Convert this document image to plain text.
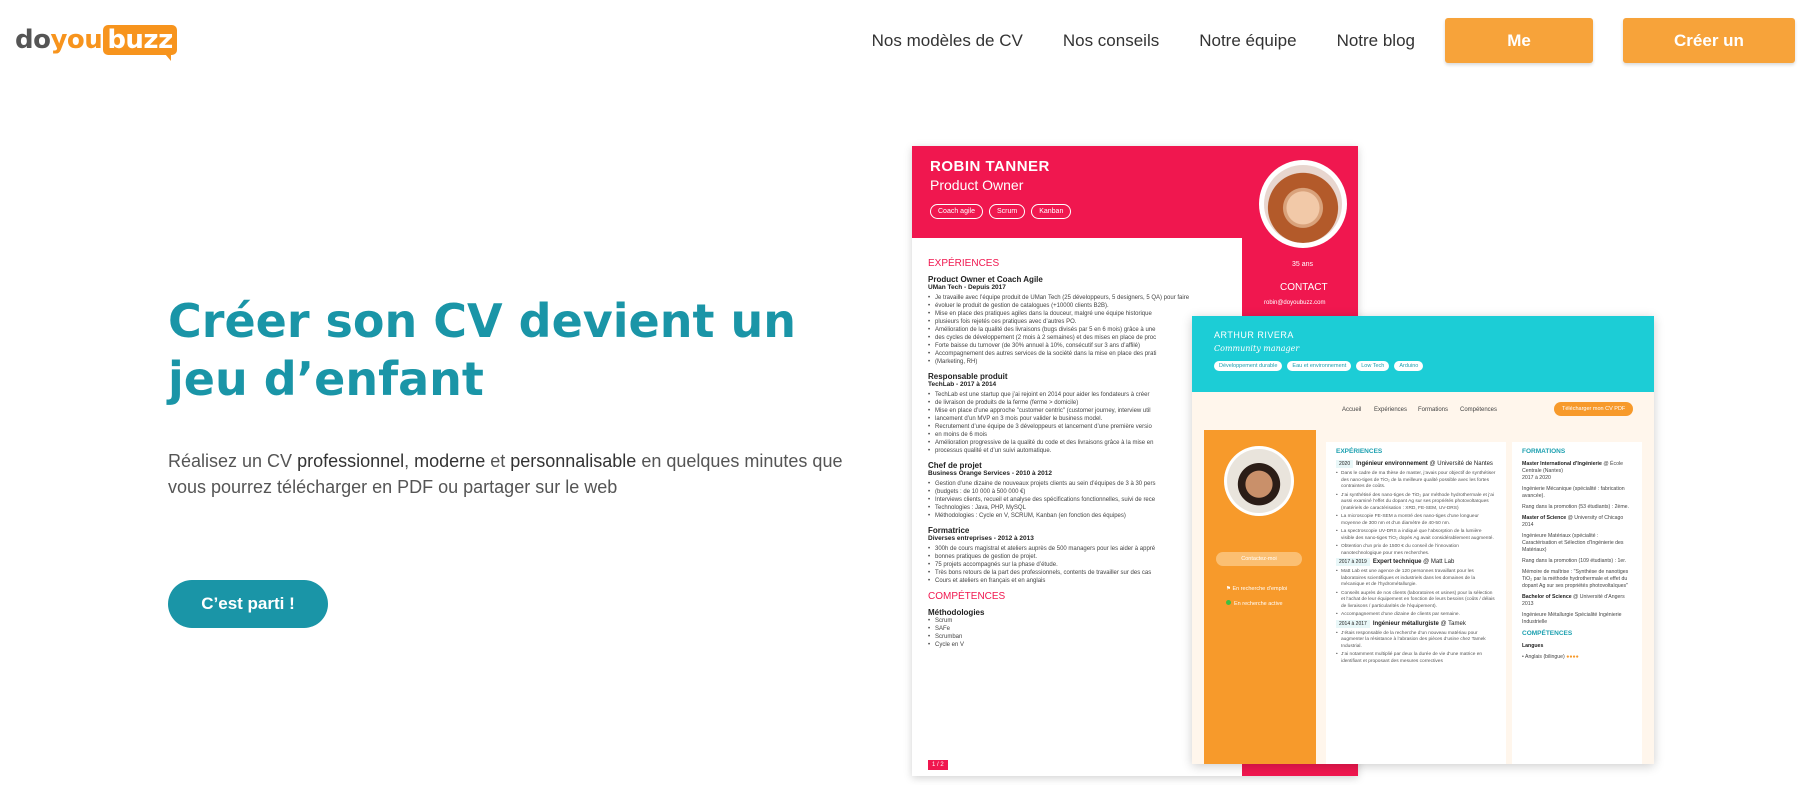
do you buzz	Nos modèles de CV Nos conseils Notre équipe Notre blog	Me connecter
Créer un compte
Créer son CV devient un jeu d’enfant

Réalisez un CV professionnel, moderne et personnalisable en quelques minutes que vous pourrez télécharger en PDF ou partager sur le web

C’est parti !
ROBIN TANNER
Product Owner
Coach agile	Scrum	Kanban
35 ans
CONTACT
robin@doyoubuzz.com
EXPÉRIENCES
Product Owner et Coach Agile
UMan Tech - Depuis 2017
• Je travaille avec l’équipe produit de UMan Tech (25 développeurs, 5 designers, 5 QA) pour faire
• évoluer le produit de gestion de catalogues (+10000 clients B2B).
• Mise en place des pratiques agiles dans la douceur, malgré une équipe historique
• plusieurs fois rejetés ces pratiques avec d’autres PO.
• Amélioration de la qualité des livraisons (bugs divisés par 5 en 6 mois) grâce à une
• des cycles de développement (2 mois à 2 semaines) et des mises en place de proc
• Forte baisse du turnover (de 30% annuel à 10%, consécutif sur 3 ans d’affilé)
• Accompagnement des autres services de la société dans la mise en place des prati
• (Marketing, RH)
Responsable produit
TechLab - 2017 à 2014
• TechLab est une startup que j’ai rejoint en 2014 pour aider les fondateurs à créer
• de livraison de produits de la ferme (ferme > domicile)
• Mise en place d’une approche "customer centric" (customer journey, interview util
• lancement d’un MVP en 3 mois pour valider le business model.
• Recrutement d’une équipe de 3 développeurs et lancement d’une première versio
• en moins de 6 mois
• Amélioration progressive de la qualité du code et des livraisons grâce à la mise en
• processus qualité et d’un suivi automatique.
Chef de projet
Business Orange Services - 2010 à 2012
• Gestion d’une dizaine de nouveaux projets clients au sein d’équipes de 3 à 30 pers
• (budgets : de 10 000 à 500 000 €)
• Interviews clients, recueil et analyse des spécifications fonctionnelles, suivi de rece
• Technologies : Java, PHP, MySQL
• Méthodologies : Cycle en V, SCRUM, Kanban (en fonction des équipes)
Formatrice
Diverses entreprises - 2012 à 2013
• 300h de cours magistral et ateliers auprès de 500 managers pour les aider à appré
• bonnes pratiques de gestion de projet.
• 75 projets accompagnés sur la phase d’étude.
• Très bons retours de la part des professionnels, contents de travailler sur des cas
• Cours et ateliers en français et en anglais
COMPÉTENCES
Méthodologies
• Scrum
• SAFe
• Scrumban
• Cycle en V
1 / 2
ARTHUR RIVERA
Community manager
Développement durable	Eau et environnement	Low Tech	Arduino
Accueil Expériences Formations Compétences	Télécharger mon CV PDF
Contactez-moi
⚑ En recherche d’emploi
En recherche active
EXPÉRIENCES
2020 Ingénieur environnement @ Université de Nantes
• Dans le cadre de ma thèse de master, j’avais pour objectif de synthétiser des nano-tiges de TiO₂ de la meilleure qualité possible avec les fortes contraintes de coûts.
• J’ai synthétisé des nano-tiges de TiO₂ par méthode hydrothermale et j’ai aussi examiné l’effet du dopant Ag sur ses propriétés photovoltaïques (matériels de caractérisation : XRD, FE-SEM, UV-DRS)
• La microscopie FE-SEM a montré des nano-tiges d’une longueur moyenne de 300 nm et d’un diamètre de 40-50 nm.
• La spectroscopie UV-DRS a indiqué que l’absorption de la lumière visible des nano-tiges TiO₂ dopés Ag avait considérablement augmenté.
• Obtention d’un prix de 1500 € du conseil de l’innovation nanotechnologique pour mes recherches.
2017 à 2019 Expert technique @ Matt Lab
• Matt Lab est une agence de 120 personnes travaillant pour les laboratoires scientifiques et industriels dans les domaines de la mécanique et de l’hydrométallurgie.
• Conseils auprès de nos clients (laboratoires et usines) pour la sélection et l’achat de leur équipement en fonction de leurs besoins (coûts / délais de livraisons / particularités de l’équipement).
• Accompagnement d’une dizaine de clients par semaine.
2014 à 2017 Ingénieur métallurgiste @ Tamek
• J’étais responsable de la recherche d’un nouveau matériau pour augmenter la résistance à l’abrasion des pièces d’usine chez Tamek Industrial.
• J’ai notamment multiplié par deux la durée de vie d’une matrice en identifiant et proposant des mesures correctives
FORMATIONS
Master International d’Ingénierie @ École Centrale (Nantes)
2017 à 2020
Ingénierie Mécanique (spécialité : fabrication avancée).
Rang dans la promotion (53 étudiants) : 2ème.
Master of Science @ University of Chicago
2014
Ingénieure Matériaux (spécialité : Caractérisation et Sélection d’Ingénierie des Matériaux)
Rang dans la promotion (109 étudiants) : 1er.
Mémoire de maîtrise : "Synthèse de nanotiges TiO₂ par la méthode hydrothermale et effet du dopant Ag sur ses propriétés photovoltaïques"
Bachelor of Science @ Université d’Angers
2013
Ingénieure Métallurgie Spécialité Ingénierie Industrielle
COMPÉTENCES
Langues
• Anglais (bilingue) ●●●●
